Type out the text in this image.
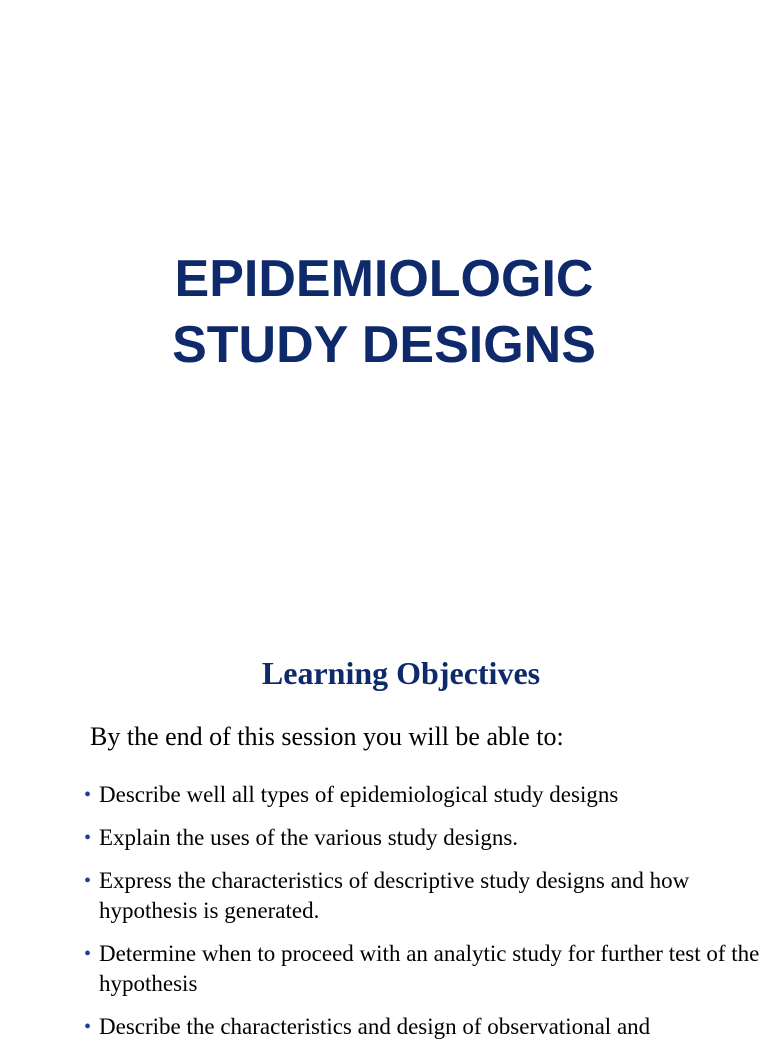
EPIDEMIOLOGIC
STUDY DESIGNS
Learning Objectives
By the end of this session you will be able to:
• Describe well all types of epidemiological study designs
• Explain the uses of the various study designs.
• Express the characteristics of descriptive study designs and how hypothesis is generated.
• Determine when to proceed with an analytic study for further test of the hypothesis
• Describe the characteristics and design of observational and
